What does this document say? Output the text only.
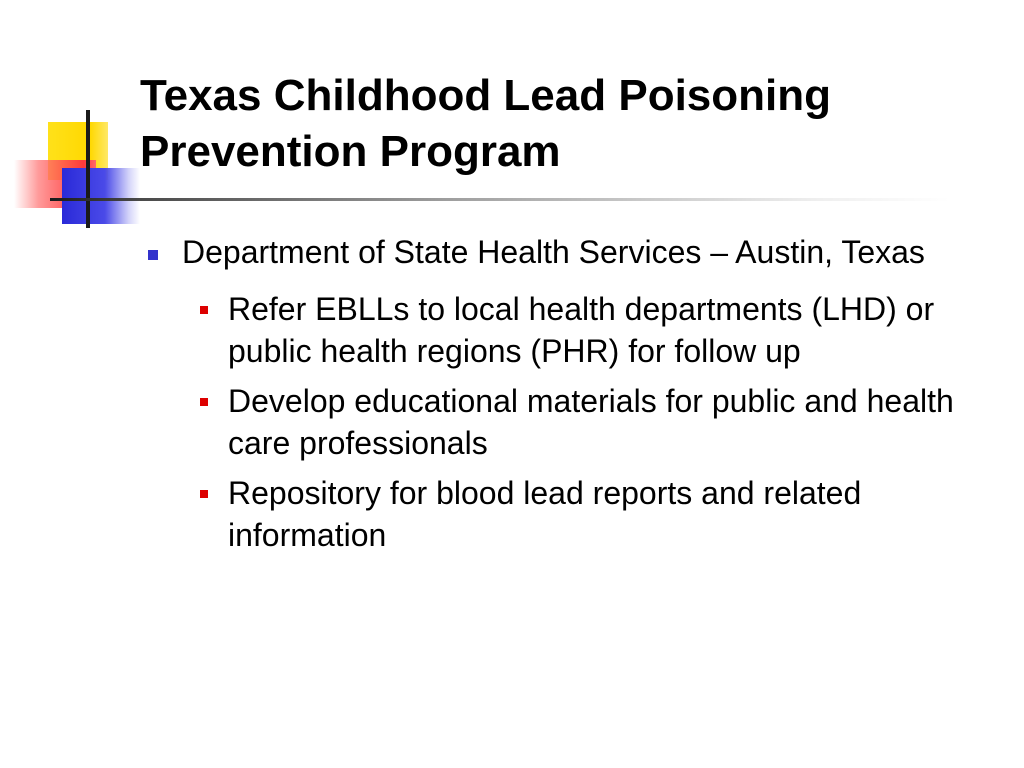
Texas Childhood Lead Poisoning Prevention Program
Department of State Health Services – Austin, Texas
Refer EBLLs to local health departments (LHD) or public health regions (PHR) for follow up
Develop educational materials for public and health care professionals
Repository for blood lead reports and related information
